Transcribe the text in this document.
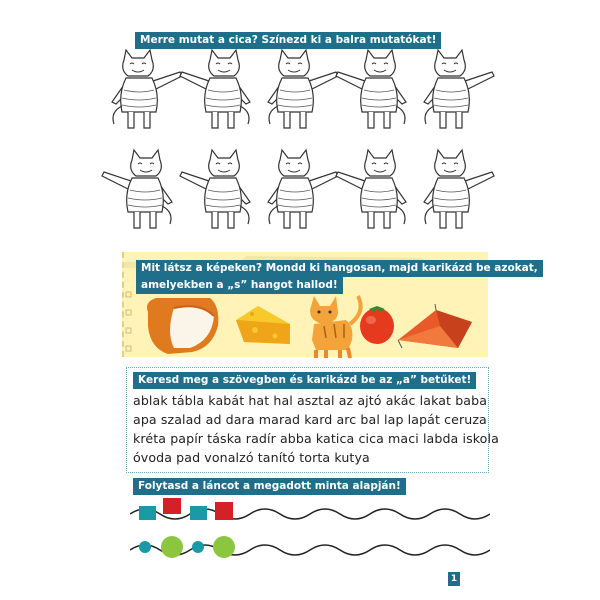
Merre mutat a cica? Színezd ki a balra mutatókat!
Mit látsz a képeken? Mondd ki hangosan, majd karikázd be azokat,
amelyekben a „s” hangot hallod!
Keresd meg a szövegben és karikázd be az „a” betűket!
ablak tábla kabát hat hal asztal az ajtó akác lakat baba
apa szalad ad dara marad kard arc bal lap lapát ceruza
kréta papír táska radír abba katica cica maci labda iskola
óvoda pad vonalzó tanító torta kutya
Folytasd a láncot a megadott minta alapján!
1
